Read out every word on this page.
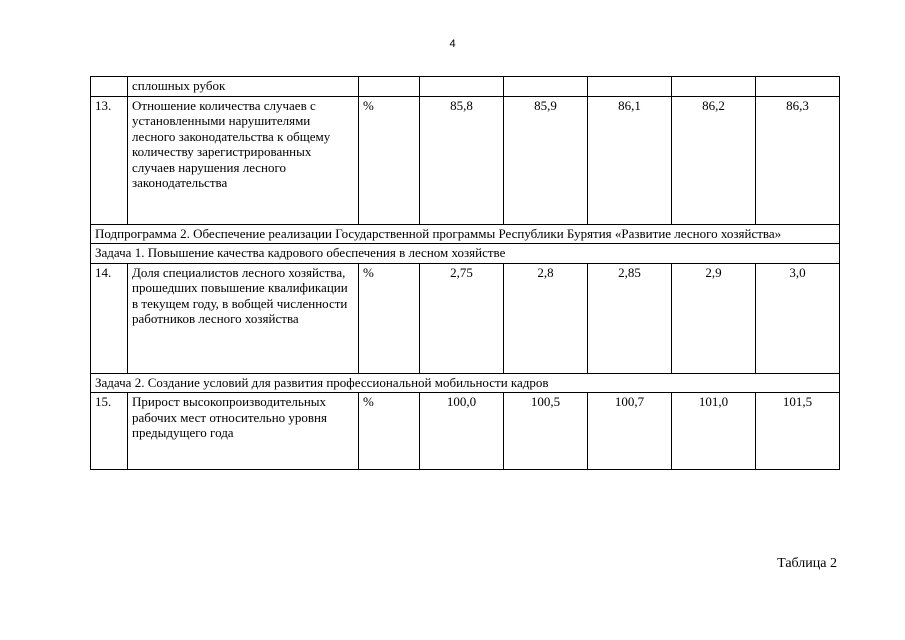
4
	сплошных рубок						
13.	Отношение количества случаев с установленными нарушителями лесного законодательства к общему количеству зарегистрированных случаев нарушения лесного законодательства	%	85,8	85,9	86,1	86,2	86,3
Подпрограмма 2. Обеспечение реализации Государственной программы Республики Бурятия «Развитие лесного хозяйства»							
Задача 1. Повышение качества кадрового обеспечения в лесном хозяйстве							
14.	Доля специалистов лесного хозяйства, прошедших повышение квалификации в текущем году, в вобщей численности работников лесного хозяйства	%	2,75	2,8	2,85	2,9	3,0
Задача 2. Создание условий для развития профессиональной мобильности кадров							
15.	Прирост высокопроизводительных рабочих мест относительно уровня предыдущего года	%	100,0	100,5	100,7	101,0	101,5
Таблица 2
